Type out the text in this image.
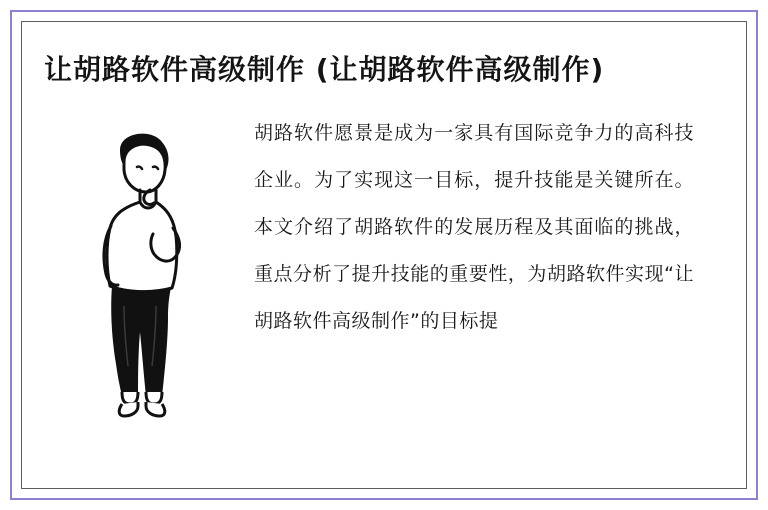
让胡路软件高级制作 (让胡路软件高级制作)
胡路软件愿景是成为一家具有国际竞争力的高科技企业。为了实现这一目标，提升技能是关键所在。本文介绍了胡路软件的发展历程及其面临的挑战，重点分析了提升技能的重要性，为胡路软件实现“让胡路软件高级制作”的目标提
